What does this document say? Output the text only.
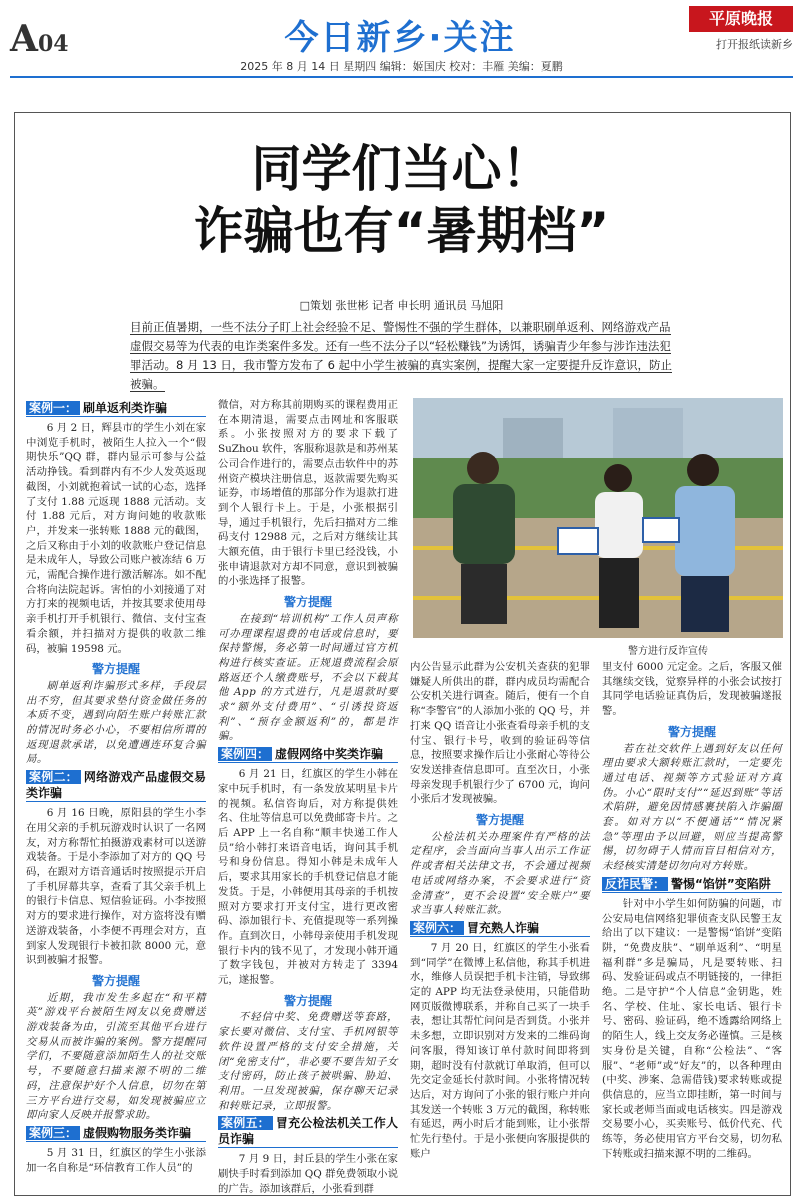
A04	今日新乡·关注	平原晚报
打开报纸读新乡
2025 年 8 月 14 日 星期四 编辑：姬国庆 校对：丰雁 美编：夏鹏
同学们当心！
诈骗也有“暑期档”
□策划 张世彬 记者 申长明 通讯员 马旭阳
目前正值暑期，一些不法分子盯上社会经验不足、警惕性不强的学生群体，以兼职刷单返利、网络游戏产品虚假交易等为代表的电诈类案件多发。还有一些不法分子以“轻松赚钱”为诱饵，诱骗青少年参与涉诈违法犯罪活动。8 月 13 日，我市警方发布了 6 起中小学生被骗的真实案例，提醒大家一定要提升反诈意识，防止被骗。
案例一： 刷单返利类诈骗

6 月 2 日，辉县市的学生小刘在家中浏览手机时，被陌生人拉入一个“假期快乐”QQ 群，群内显示可参与公益活动挣钱。看到群内有不少人发英返现截图，小刘就抱着试一试的心态，选择了支付 1.88 元返现 1888 元活动。支付 1.88 元后，对方询问她的收款账户，并发来一张转账 1888 元的截图，之后又称由于小刘的收款账户登记信息是未成年人，导致公司账户被冻结 6 万元，需配合操作进行激活解冻。如不配合将向法院起诉。害怕的小刘接通了对方打来的视频电话，并按其要求使用母亲手机打开手机银行、微信、支付宝查看余额，并扫描对方提供的收款二维码，被骗 19598 元。

警方提醒

刷单返利诈骗形式多样，手段层出不穷，但其要求垫付资金做任务的本质不变，遇到向陌生账户转账汇款的情况时务必小心，不要相信所谓的返现退款承诺，以免遭遇连环复合骗局。

案例二： 网络游戏产品虚假交易类诈骗

6 月 16 日晚，原阳县的学生小李在用父亲的手机玩游戏时认识了一名网友，对方称帮忙拍摄游戏素材可以送游戏装备。于是小李添加了对方的 QQ 号码，在跟对方语音通话时按照提示开启了手机屏幕共享，查看了其父亲手机上的银行卡信息、短信验证码。小李按照对方的要求进行操作，对方盗将没有赠送游戏装备，小李便不再理会对方，直到家人发现银行卡被扣款 8000 元，意识到被骗才报警。

警方提醒

近期，我市发生多起在“和平精英”游戏平台被陌生网友以免费赠送游戏装备为由，引流至其他平台进行交易从而被诈骗的案例。警方提醒同学们，不要随意添加陌生人的社交账号，不要随意扫描来源不明的二维码，注意保护好个人信息，切勿在第三方平台进行交易，如发现被骗应立即向家人反映并报警求助。

案例三： 虚假购物服务类诈骗

5 月 31 日，红旗区的学生小张添加一名自称是“环信教育工作人员”的

微信，对方称其前期购买的课程费用正在本期清退，需要点击网址和客服联系。小张按照对方的要求下载了 SuZhou 软件，客服称退款是和苏州某公司合作进行的，需要点击软件中的苏州资产模块注册信息，返款需要先购买证券，市场增值的那部分作为退款打进到个人银行卡上。于是，小张根据引导，通过手机银行，先后扫描对方二维码支付 12988 元，之后对方继续让其大额充值，由于银行卡里已经没钱，小张申请退款对方却不同意，意识到被骗的小张选择了报警。

警方提醒

在接到“培训机构”工作人员声称可办理课程退费的电话或信息时，要保持警惕，务必第一时间通过官方机构进行核实查证。正规退费流程会原路返还个人缴费账号，不会以下载其他 App 的方式进行，凡是退款时要求“额外支付费用”、“引诱投资返利”、“预存金额返利”的，都是诈骗。

案例四： 虚假网络中奖类诈骗

6 月 21 日，红旗区的学生小韩在家中玩手机时，有一条发放某明星卡片的视频。私信咨询后，对方称提供姓名、住址等信息可以免费邮寄卡片。之后 APP 上一名自称“顺丰快递工作人员”给小韩打来语音电话，询问其手机号和身份信息。得知小韩是未成年人后，要求其用家长的手机登记信息才能发货。于是，小韩便用其母亲的手机按照对方要求打开支付宝，进行更改密码、添加银行卡、充值提现等一系列操作。直到次日，小韩母亲使用手机发现银行卡内的钱不见了，才发现小韩开通了数字钱包，并被对方转走了 3394 元，遂报警。

警方提醒

不轻信中奖、免费赠送等套路，家长要对微信、支付宝、手机网银等软件设置严格的支付安全措施，关闭“免密支付”，非必要不要告知子女支付密码，防止孩子被哄骗、胁迫、利用。一旦发现被骗，保存聊天记录和转账记录，立即报警。

案例五： 冒充公检法机关工作人员诈骗

7 月 9 日，封丘县的学生小张在家刷快手时看到添加 QQ 群免费领取小说的广告。添加该群后，小张看到群

警方进行反诈宣传

内公告显示此群为公安机关查获的犯罪嫌疑人所供出的群，群内成员均需配合公安机关进行调查。随后，便有一个自称“李警官”的人添加小张的 QQ 号，并打来 QQ 语音让小张查看母亲手机的支付宝、银行卡号，收到的验证码等信息，按照要求操作后让小张耐心等待公安发送排查信息即可。直至次日，小张母亲发现手机银行少了 6700 元，询问小张后才发现被骗。

警方提醒

公检法机关办理案件有严格的法定程序，会当面向当事人出示工作证件或者相关法律文书，不会通过视频电话或网络办案，不会要求进行“资金清查”，更不会设置“安全账户”要求当事人转账汇款。

案例六： 冒充熟人诈骗

7 月 20 日，红旗区的学生小张看到“同学”在微博上私信他，称其手机进水，维修人员误把手机卡注销，导致绑定的 APP 均无法登录使用，只能借助网页版微博联系，并称自己买了一块手表，想让其帮忙问问是否到货。小张并未多想，立即识别对方发来的二维码询问客服，得知该订单付款时间即将到期，超时没有付款就订单取消，但可以先交定金延长付款时间。小张将情况转达后，对方询问了小张的银行账户并向其发送一个转账 3 万元的截图，称转账有延迟，两小时后才能到账，让小张帮忙先行垫付。于是小张便向客服提供的账户

里支付 6000 元定金。之后，客服又催其继续交钱，觉察异样的小张会试按打其同学电话验证真伪后，发现被骗遂报警。

警方提醒

若在社交软件上遇到好友以任何理由要求大额转账汇款时，一定要先通过电话、视频等方式验证对方真伪。小心“限时支付”“延迟到账”等话术陷阱，避免因情感裹挟陷入诈骗圈套。如对方以“不便通话”“情况紧急”等理由予以回避，则应当提高警惕，切勿碍于人情而盲目相信对方，未经核实清楚切勿向对方转账。

反诈民警： 警惕“馅饼”变陷阱

针对中小学生如何防骗的问题，市公安局电信网络犯罪侦查支队民警王友给出了以下建议：一是警惕“馅饼”变陷阱，“免费皮肤”、“刷单返利”、“明星福利群”多是骗局，凡是要转账、扫码、发验证码或点不明链接的，一律拒绝。二是守护“个人信息”金钥匙，姓名、学校、住址、家长电话、银行卡号、密码、验证码，绝不透露给网络上的陌生人，线上交友务必谨慎。三是核实身份是关键，自称“公检法”、“客服”、“老师”或“好友”的，以各种理由(中奖、涉案、急需借钱)要求转账或提供信息的，应当立即挂断，第一时间与家长或老师当面或电话核实。四是游戏交易要小心，买卖账号、低价代充、代练等，务必使用官方平台交易，切勿私下转账或扫描来源不明的二维码。
